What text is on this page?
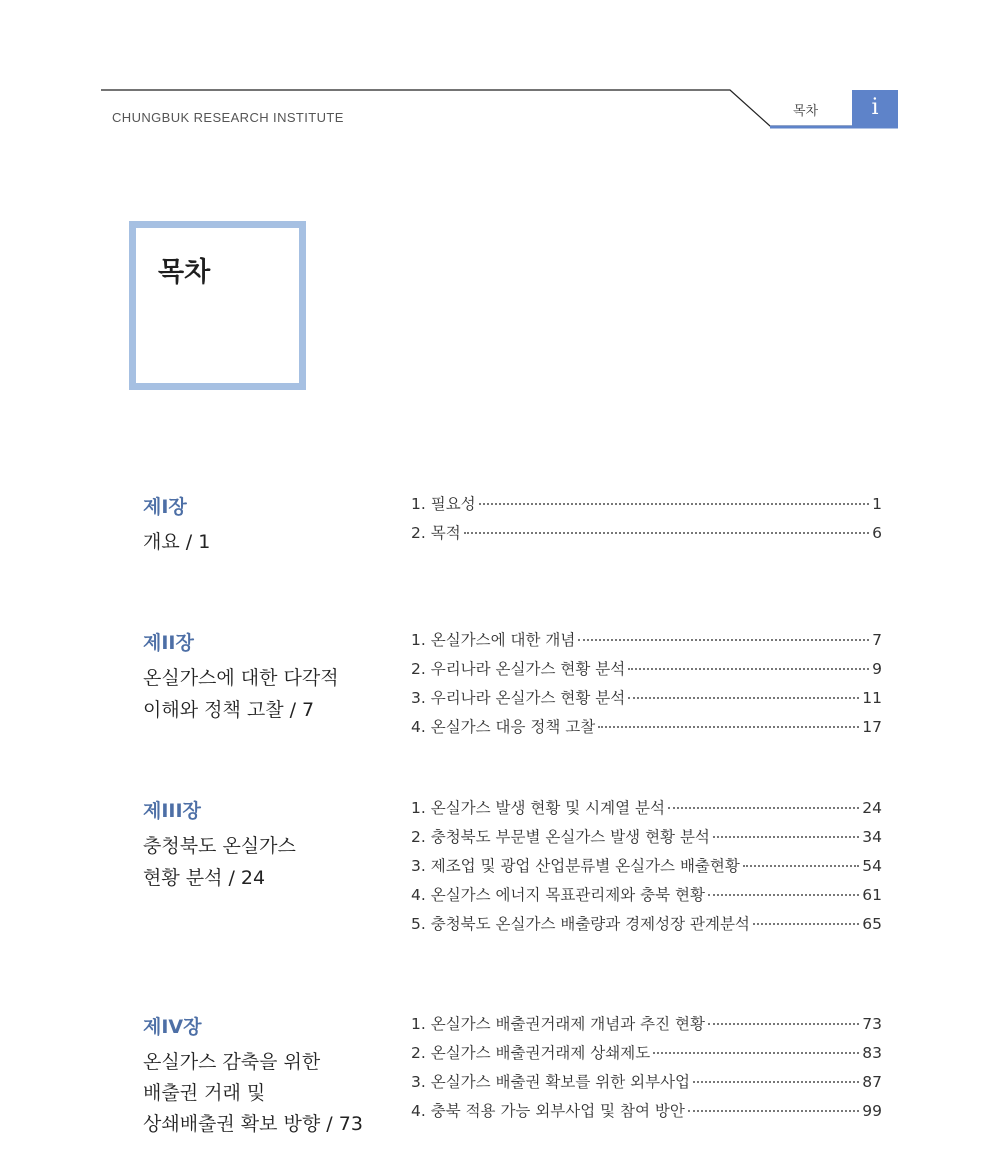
CHUNGBUK RESEARCH INSTITUTE	목차	i
목차
제I장
개요 / 1
1. 필요성	1
2. 목적	6
제II장
온실가스에 대한 다각적
이해와 정책 고찰 / 7
1. 온실가스에 대한 개념	7
2. 우리나라 온실가스 현황 분석	9
3. 우리나라 온실가스 현황 분석	11
4. 온실가스 대응 정책 고찰	17
제III장
충청북도 온실가스
현황 분석 / 24
1. 온실가스 발생 현황 및 시계열 분석	24
2. 충청북도 부문별 온실가스 발생 현황 분석	34
3. 제조업 및 광업 산업분류별 온실가스 배출현황	54
4. 온실가스 에너지 목표관리제와 충북 현황	61
5. 충청북도 온실가스 배출량과 경제성장 관계분석	65
제IV장
온실가스 감축을 위한
배출권 거래 및
상쇄배출권 확보 방향 / 73
1. 온실가스 배출권거래제 개념과 추진 현황	73
2. 온실가스 배출권거래제 상쇄제도	83
3. 온실가스 배출권 확보를 위한 외부사업	87
4. 충북 적용 가능 외부사업 및 참여 방안	99
